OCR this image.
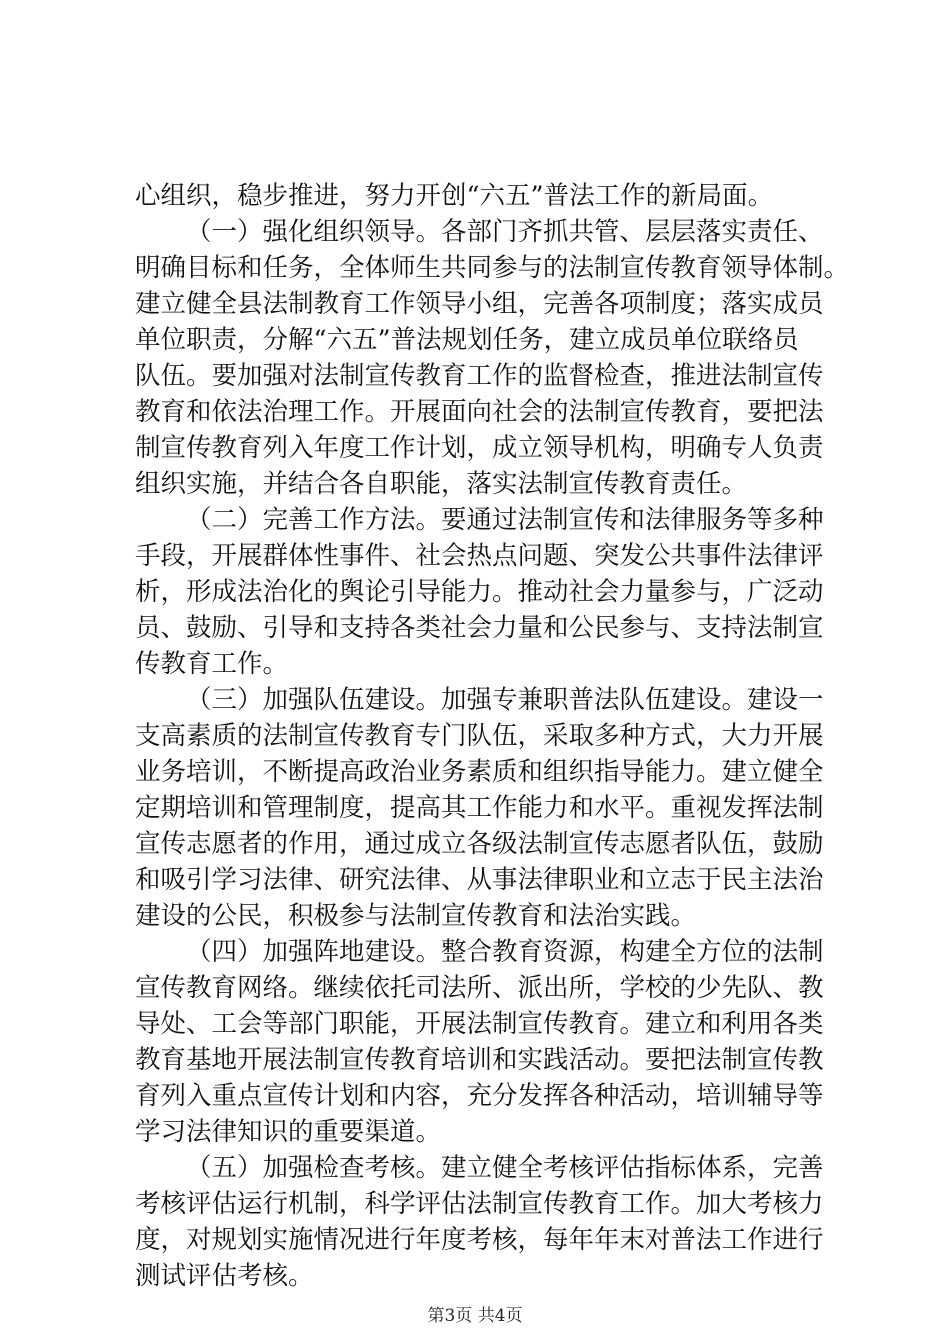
心组织，稳步推进，努力开创“六五”普法工作的新局面。
（一）强化组织领导。各部门齐抓共管、层层落实责任、
明确目标和任务，全体师生共同参与的法制宣传教育领导体制。
建立健全县法制教育工作领导小组，完善各项制度；落实成员
单位职责，分解“六五”普法规划任务，建立成员单位联络员
队伍。要加强对法制宣传教育工作的监督检查，推进法制宣传
教育和依法治理工作。开展面向社会的法制宣传教育，要把法
制宣传教育列入年度工作计划，成立领导机构，明确专人负责
组织实施，并结合各自职能，落实法制宣传教育责任。
（二）完善工作方法。要通过法制宣传和法律服务等多种
手段，开展群体性事件、社会热点问题、突发公共事件法律评
析，形成法治化的舆论引导能力。推动社会力量参与，广泛动
员、鼓励、引导和支持各类社会力量和公民参与、支持法制宣
传教育工作。
（三）加强队伍建设。加强专兼职普法队伍建设。建设一
支高素质的法制宣传教育专门队伍，采取多种方式，大力开展
业务培训，不断提高政治业务素质和组织指导能力。建立健全
定期培训和管理制度，提高其工作能力和水平。重视发挥法制
宣传志愿者的作用，通过成立各级法制宣传志愿者队伍，鼓励
和吸引学习法律、研究法律、从事法律职业和立志于民主法治
建设的公民，积极参与法制宣传教育和法治实践。
（四）加强阵地建设。整合教育资源，构建全方位的法制
宣传教育网络。继续依托司法所、派出所，学校的少先队、教
导处、工会等部门职能，开展法制宣传教育。建立和利用各类
教育基地开展法制宣传教育培训和实践活动。要把法制宣传教
育列入重点宣传计划和内容，充分发挥各种活动，培训辅导等
学习法律知识的重要渠道。
（五）加强检查考核。建立健全考核评估指标体系，完善
考核评估运行机制，科学评估法制宣传教育工作。加大考核力
度，对规划实施情况进行年度考核，每年年末对普法工作进行
测试评估考核。
第3页 共4页
